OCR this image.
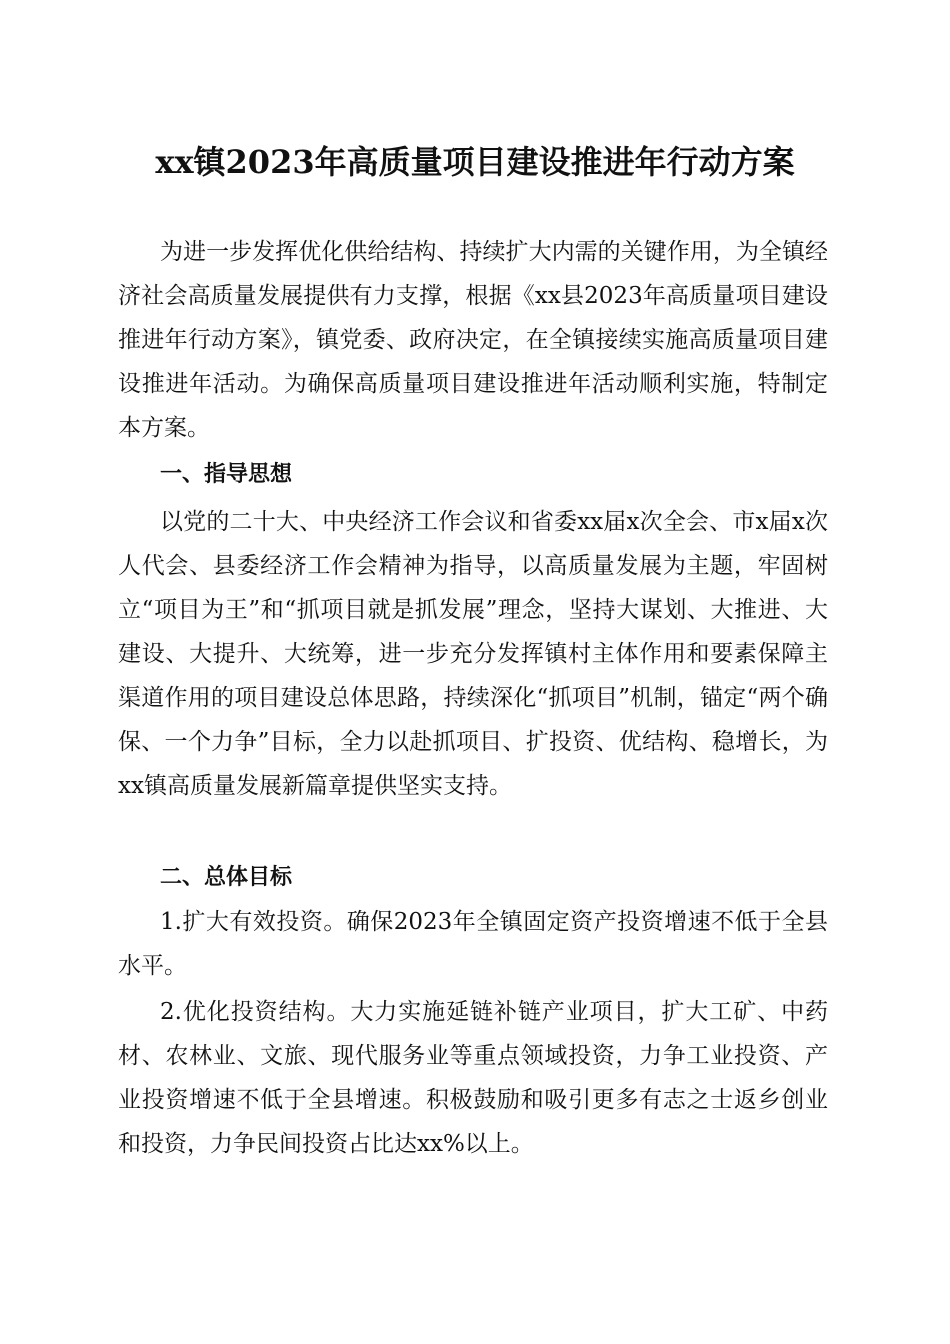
xx镇2023年高质量项目建设推进年行动方案

为进一步发挥优化供给结构、持续扩大内需的关键作用，为全镇经济社会高质量发展提供有力支撑，根据《xx县2023年高质量项目建设推进年行动方案》，镇党委、政府决定，在全镇接续实施高质量项目建设推进年活动。为确保高质量项目建设推进年活动顺利实施，特制定本方案。

一、指导思想

以党的二十大、中央经济工作会议和省委xx届x次全会、市x届x次人代会、县委经济工作会精神为指导，以高质量发展为主题，牢固树立“项目为王”和“抓项目就是抓发展”理念，坚持大谋划、大推进、大建设、大提升、大统筹，进一步充分发挥镇村主体作用和要素保障主渠道作用的项目建设总体思路，持续深化“抓项目”机制，锚定“两个确保、一个力争”目标，全力以赴抓项目、扩投资、优结构、稳增长，为xx镇高质量发展新篇章提供坚实支持。

二、总体目标

1.扩大有效投资。确保2023年全镇固定资产投资增速不低于全县水平。

2.优化投资结构。大力实施延链补链产业项目，扩大工矿、中药材、农林业、文旅、现代服务业等重点领域投资，力争工业投资、产业投资增速不低于全县增速。积极鼓励和吸引更多有志之士返乡创业和投资，力争民间投资占比达xx%以上。
